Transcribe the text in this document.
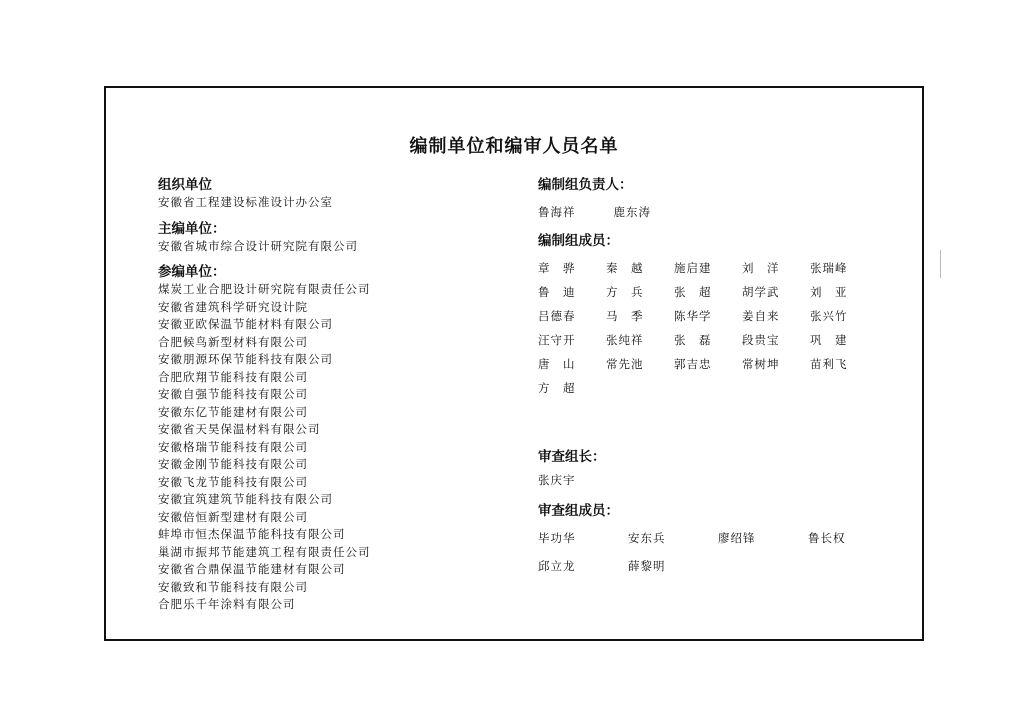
编制单位和编审人员名单
组织单位
安徽省工程建设标准设计办公室
主编单位：
安徽省城市综合设计研究院有限公司
参编单位：
煤炭工业合肥设计研究院有限责任公司
安徽省建筑科学研究设计院
安徽亚欧保温节能材料有限公司
合肥候鸟新型材料有限公司
安徽朋源环保节能科技有限公司
合肥欣翔节能科技有限公司
安徽自强节能科技有限公司
安徽东亿节能建材有限公司
安徽省天昊保温材料有限公司
安徽格瑞节能科技有限公司
安徽金刚节能科技有限公司
安徽飞龙节能科技有限公司
安徽宜筑建筑节能科技有限公司
安徽倍恒新型建材有限公司
蚌埠市恒杰保温节能科技有限公司
巢湖市振邦节能建筑工程有限责任公司
安徽省合鼎保温节能建材有限公司
安徽致和节能科技有限公司
合肥乐千年涂料有限公司
编制组负责人：
鲁海祥	鹿东涛
编制组成员：
章　骅	秦　越	施启建	刘　洋	张瑞峰
鲁　迪	方　兵	张　超	胡学武	刘　亚
吕德春	马　季	陈华学	姜自来	张兴竹
汪守开	张纯祥	张　磊	段贵宝	巩　建
唐　山	常先池	郭吉忠	常树坤	苗利飞
方　超
审查组长：
张庆宇
审查组成员：
毕功华	安东兵	廖绍锋	鲁长权
邱立龙	薛黎明
